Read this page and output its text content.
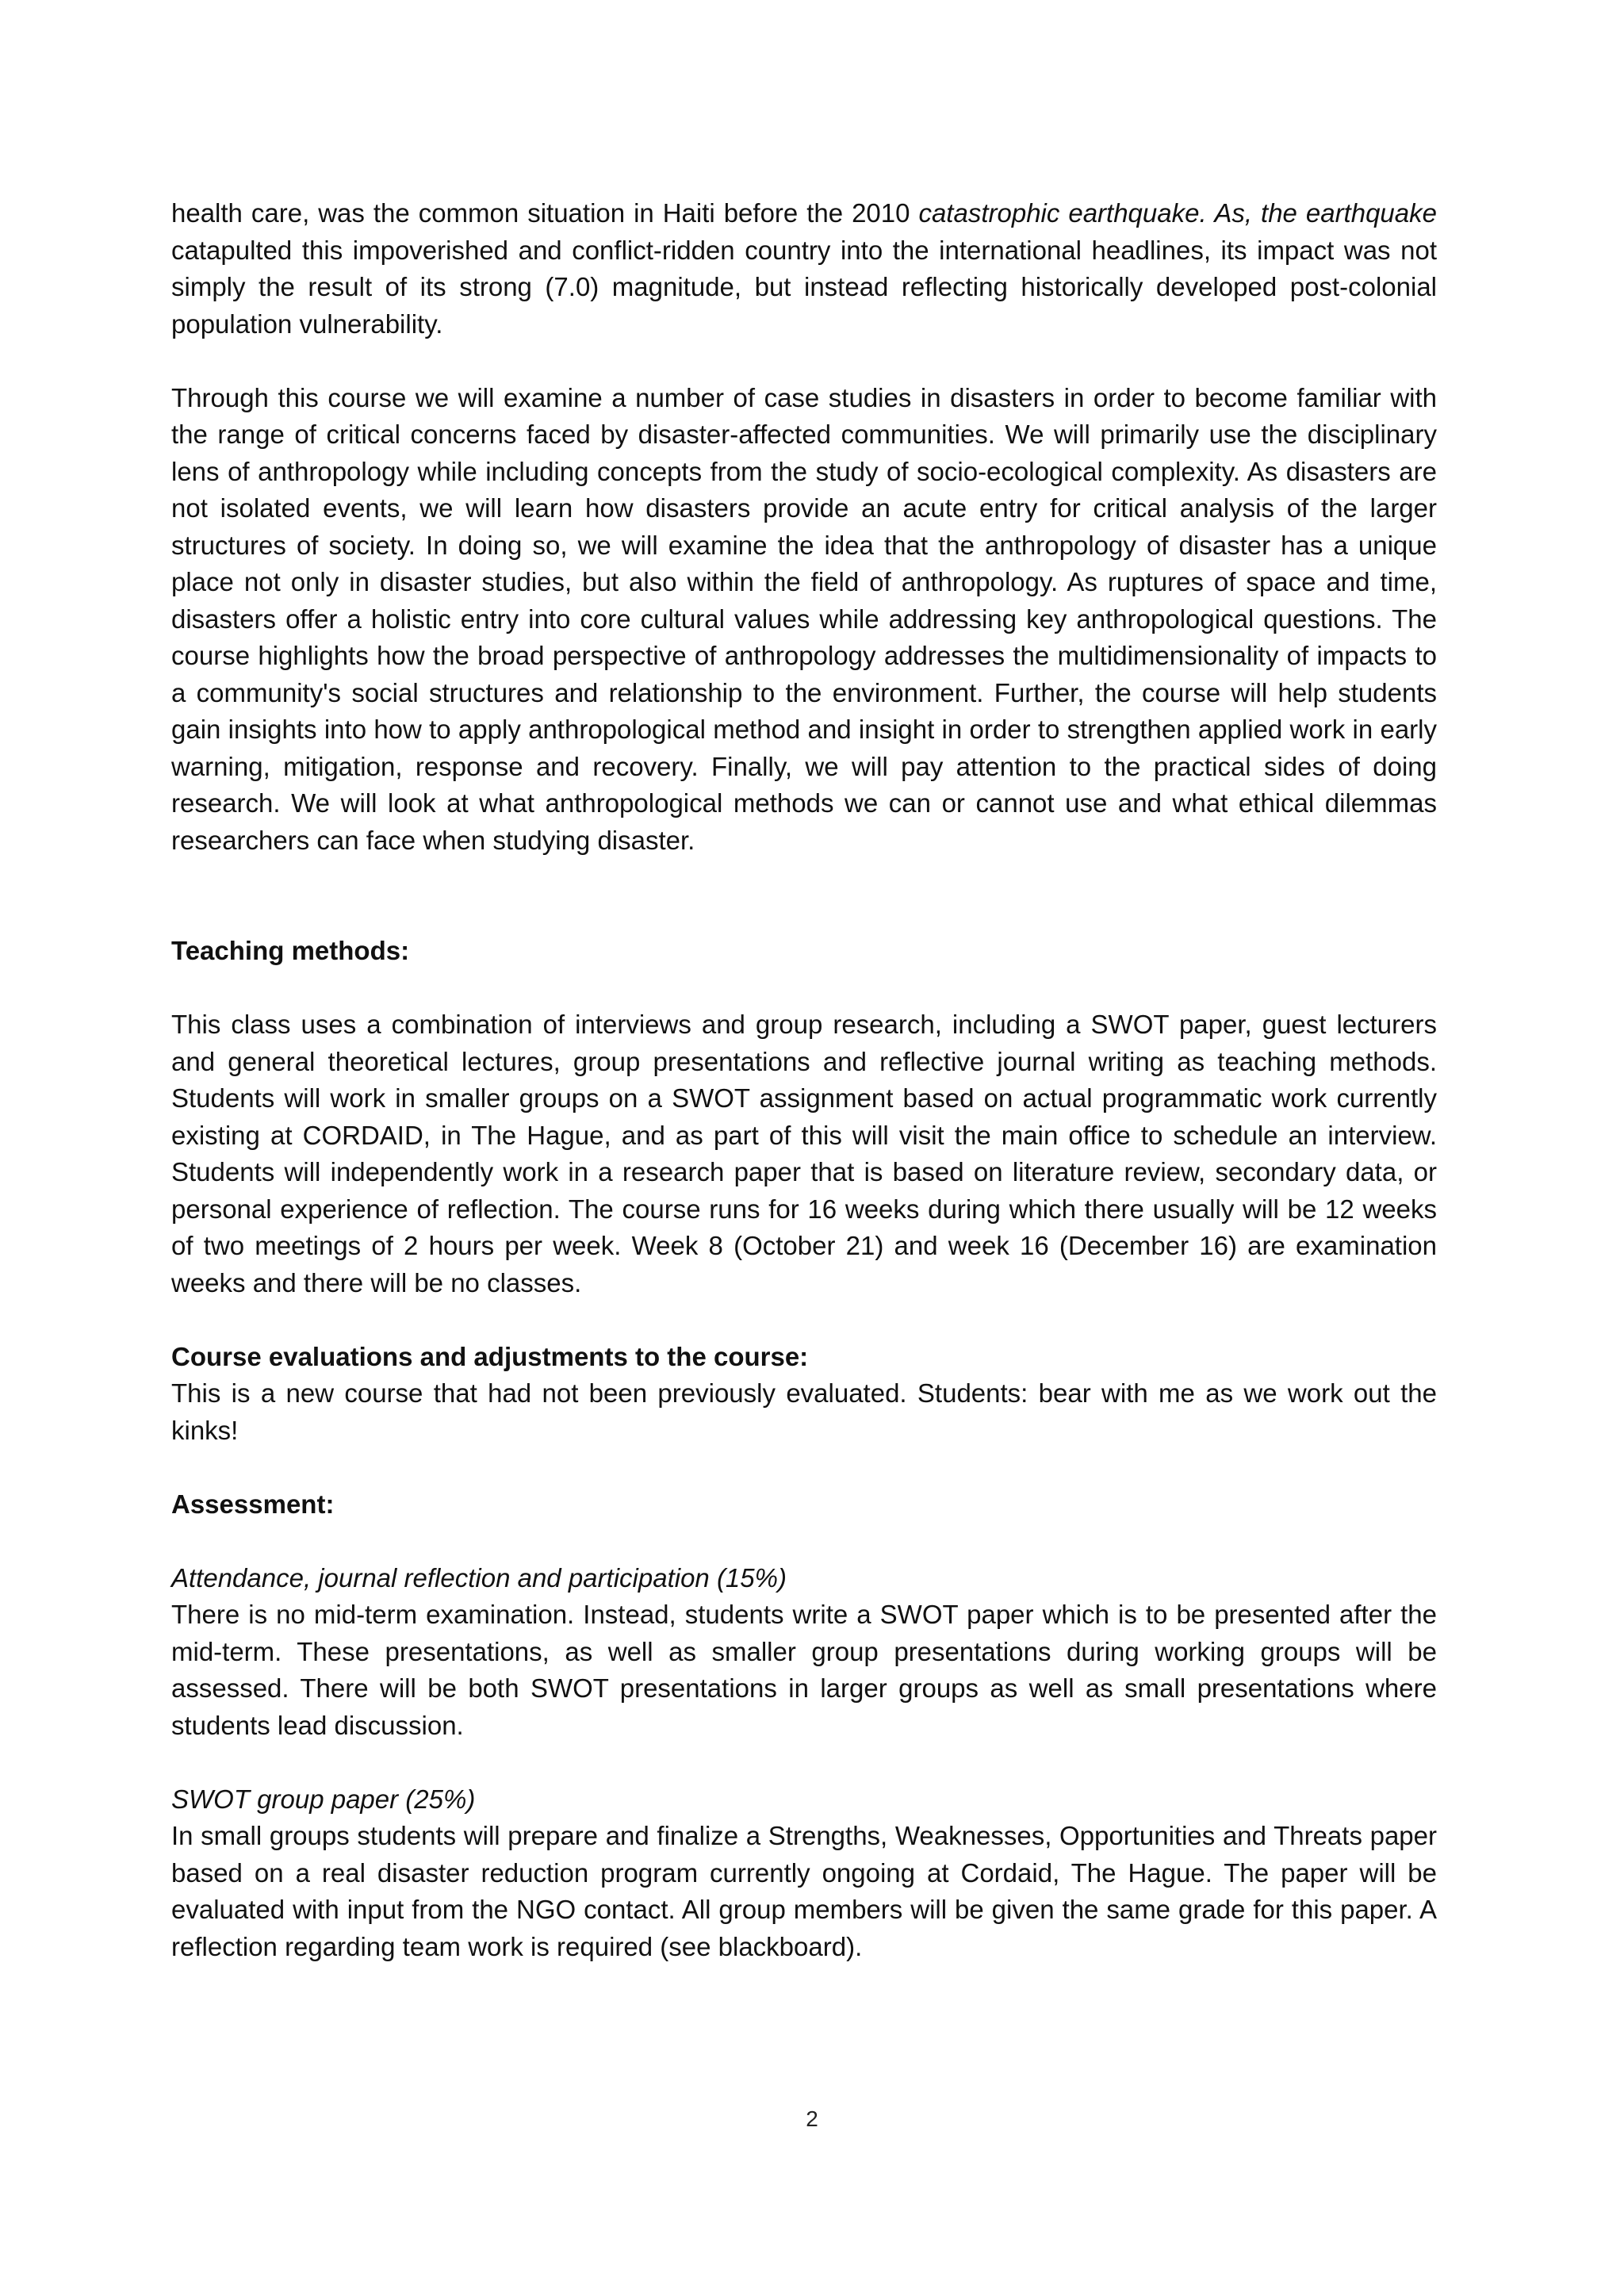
health care, was the common situation in Haiti before the 2010 catastrophic earthquake. As, the earthquake catapulted this impoverished and conflict-ridden country into the international headlines, its impact was not simply the result of its strong (7.0) magnitude, but instead reflecting historically developed post-colonial population vulnerability.

Through this course we will examine a number of case studies in disasters in order to become familiar with the range of critical concerns faced by disaster-affected communities. We will primarily use the disciplinary lens of anthropology while including concepts from the study of socio-ecological complexity. As disasters are not isolated events, we will learn how disasters provide an acute entry for critical analysis of the larger structures of society. In doing so, we will examine the idea that the anthropology of disaster has a unique place not only in disaster studies, but also within the field of anthropology. As ruptures of space and time, disasters offer a holistic entry into core cultural values while addressing key anthropological questions. The course highlights how the broad perspective of anthropology addresses the multidimensionality of impacts to a community's social structures and relationship to the environment. Further, the course will help students gain insights into how to apply anthropological method and insight in order to strengthen applied work in early warning, mitigation, response and recovery. Finally, we will pay attention to the practical sides of doing research. We will look at what anthropological methods we can or cannot use and what ethical dilemmas researchers can face when studying disaster.

Teaching methods:

This class uses a combination of interviews and group research, including a SWOT paper, guest lecturers and general theoretical lectures, group presentations and reflective journal writing as teaching methods. Students will work in smaller groups on a SWOT assignment based on actual programmatic work currently existing at CORDAID, in The Hague, and as part of this will visit the main office to schedule an interview. Students will independently work in a research paper that is based on literature review, secondary data, or personal experience of reflection. The course runs for 16 weeks during which there usually will be 12 weeks of two meetings of 2 hours per week. Week 8 (October 21) and week 16 (December 16) are examination weeks and there will be no classes.

Course evaluations and adjustments to the course:

This is a new course that had not been previously evaluated. Students: bear with me as we work out the kinks!

Assessment:

Attendance, journal reflection and participation (15%)

There is no mid-term examination. Instead, students write a SWOT paper which is to be presented after the mid-term. These presentations, as well as smaller group presentations during working groups will be assessed. There will be both SWOT presentations in larger groups as well as small presentations where students lead discussion.

SWOT group paper (25%)

In small groups students will prepare and finalize a Strengths, Weaknesses, Opportunities and Threats paper based on a real disaster reduction program currently ongoing at Cordaid, The Hague. The paper will be evaluated with input from the NGO contact. All group members will be given the same grade for this paper. A reflection regarding team work is required (see blackboard).

2
